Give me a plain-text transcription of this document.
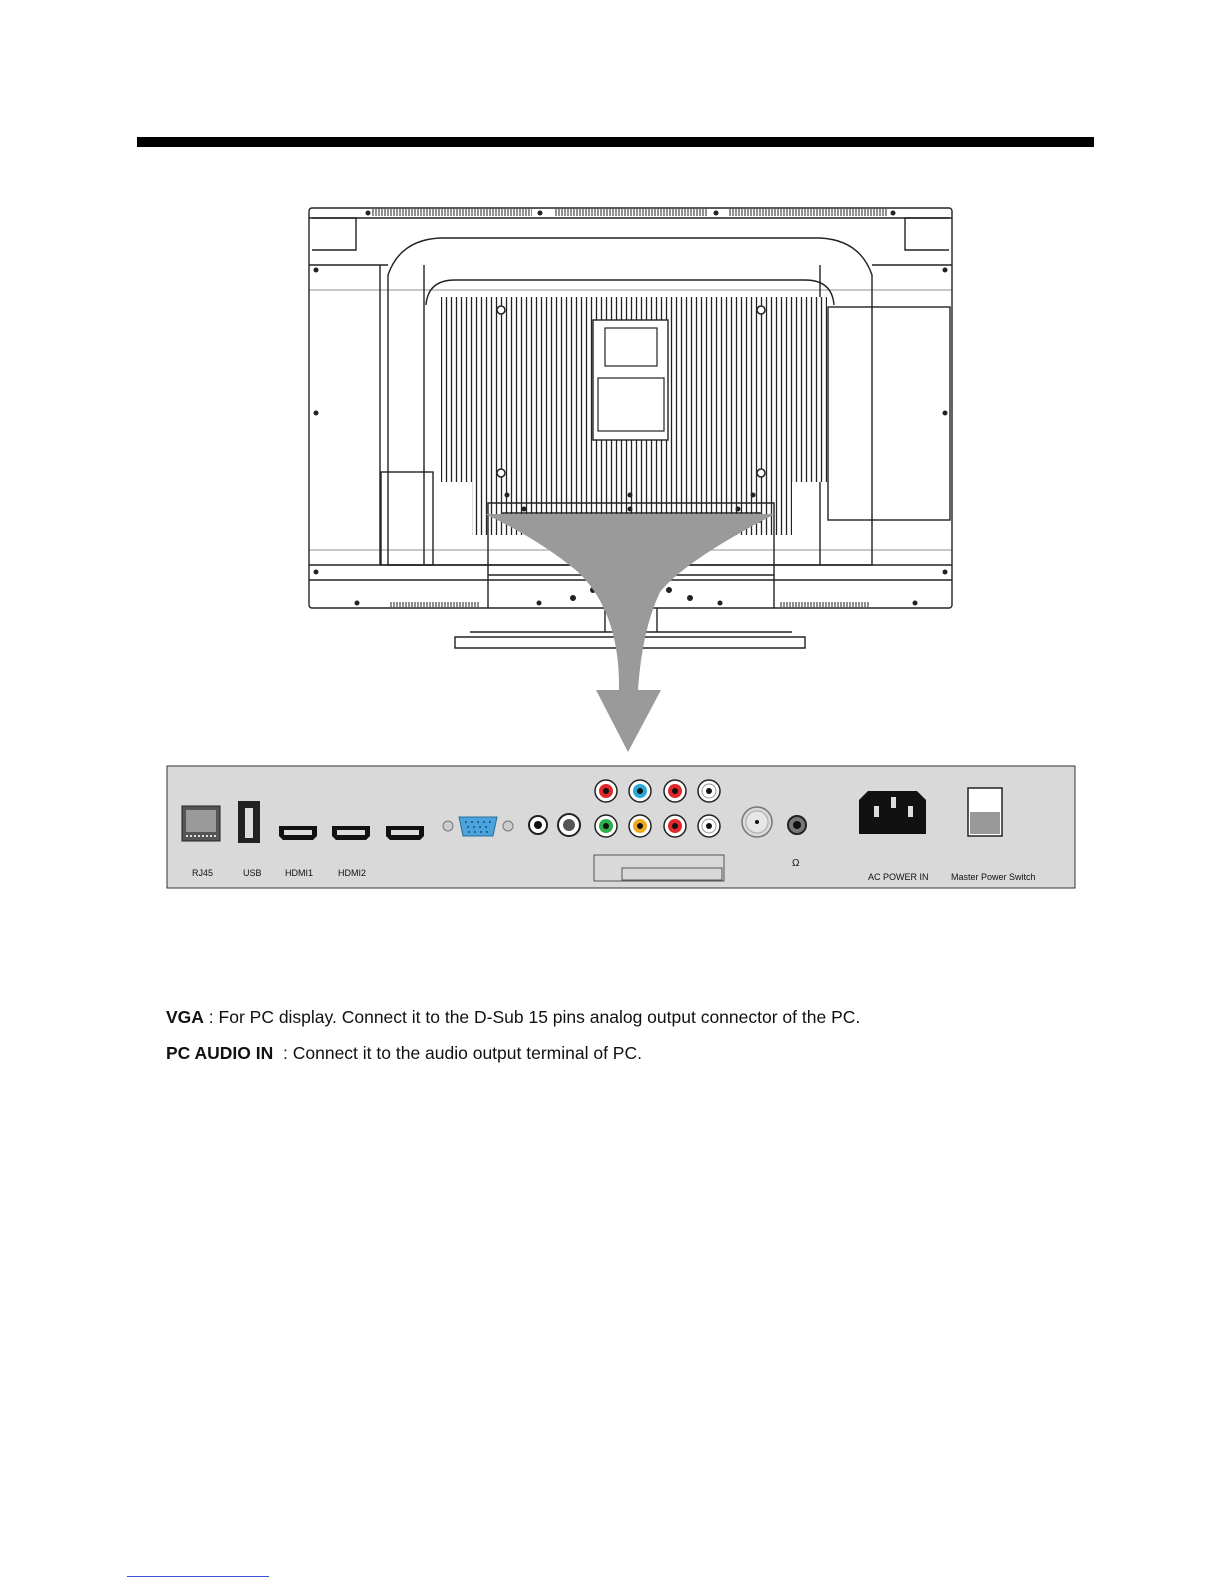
RJ45	USB	HDMI1	HDMI2
Ω
AC POWER IN Master Power Switch
VGA : For PC display. Connect it to the D-Sub 15 pins analog output connector of the PC.
PC AUDIO IN  : Connect it to the audio output terminal of PC.
